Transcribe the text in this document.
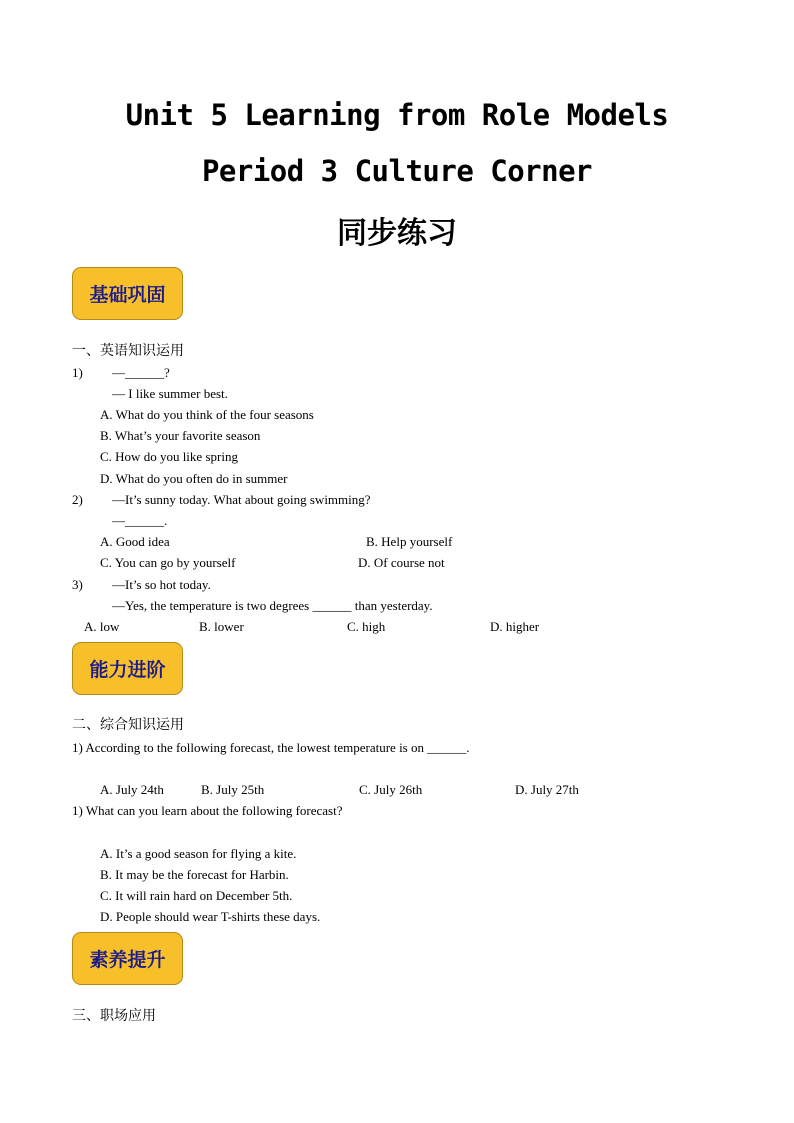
Unit 5 Learning from Role Models
Period 3 Culture Corner
同步练习
基础巩固
一、英语知识运用
1) —______?
— I like summer best.
A. What do you think of the four seasons
B. What’s your favorite season
C. How do you like spring
D. What do you often do in summer
2) —It’s sunny today. What about going swimming?
—______.
A. Good idea	B. Help yourself
C. You can go by yourself	D. Of course not
3) —It’s so hot today.
—Yes, the temperature is two degrees ______ than yesterday.
A. low	B. lower	C. high	D. higher
能力进阶
二、综合知识运用
1) According to the following forecast, the lowest temperature is on ______.
A. July 24th	B. July 25th	C. July 26th	D. July 27th
1) What can you learn about the following forecast?
A. It’s a good season for flying a kite.
B. It may be the forecast for Harbin.
C. It will rain hard on December 5th.
D. People should wear T-shirts these days.
素养提升
三、职场应用
